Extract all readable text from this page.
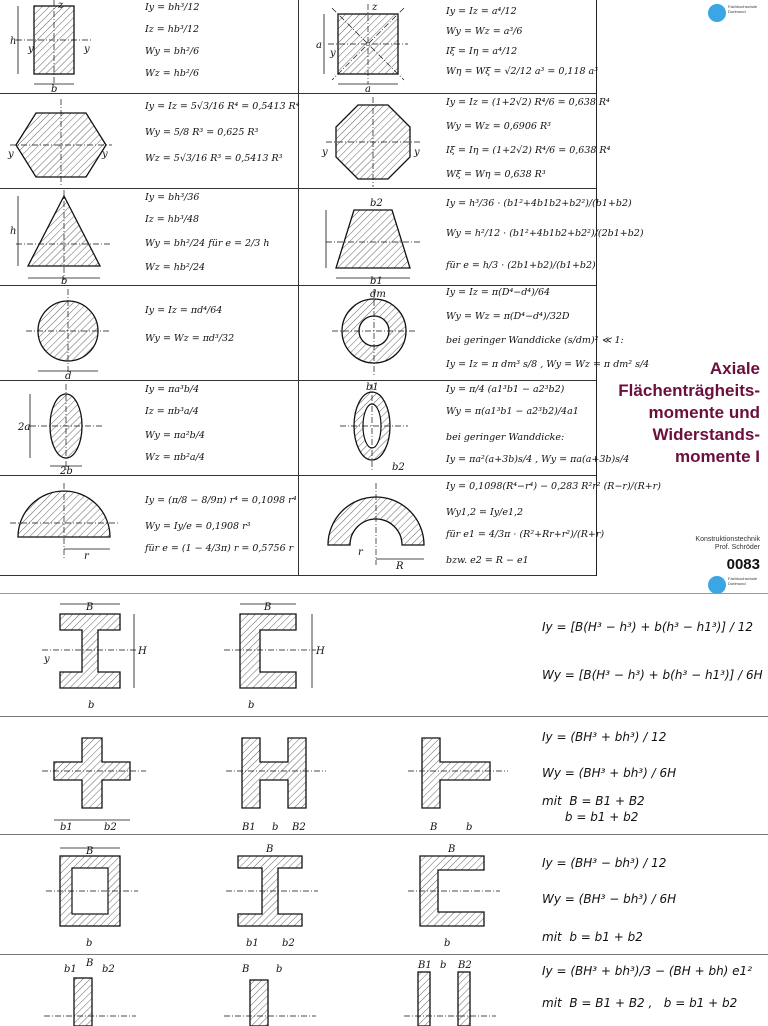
h
b
z
y	y
Iy = bh³/12
Iz = hb³/12
Wy = bh²/6
Wz = hb²/6
a
a
z
y
Iy = Iz = a⁴/12
Wy = Wz = a³/6
Iξ = Iη = a⁴/12
Wη = Wξ = √2/12 a³ = 0,118 a³
y	y
Iy = Iz = 5√3/16 R⁴ = 0,5413 R⁴
Wy = 5/8 R³ = 0,625 R³
Wz = 5√3/16 R³ = 0,5413 R³
y	y
Iy = Iz = (1+2√2) R⁴/6 = 0,638 R⁴
Wy = Wz = 0,6906 R³
Iξ = Iη = (1+2√2) R⁴/6 = 0,638 R⁴
Wξ = Wη = 0,638 R³
h
b
Iy = bh³/36
Iz = hb³/48
Wy = bh²/24 für e = 2/3 h
Wz = hb²/24
b2
b1
Iy = h³/36 · (b1²+4b1b2+b2²)/(b1+b2)
Wy = h²/12 · (b1²+4b1b2+b2²)/(2b1+b2)
für e = h/3 · (2b1+b2)/(b1+b2)
d
Iy = Iz = πd⁴/64
Wy = Wz = πd³/32
dm	Iy = Iz = π(D⁴−d⁴)/64
Wy = Wz = π(D⁴−d⁴)/32D
bei geringer Wanddicke (s/dm)² ≪ 1:
Iy = Iz = π dm³ s/8 , Wy = Wz = π dm² s/4
2a
2b
Iy = πa³b/4
Iz = πb³a/4
Wy = πa²b/4
Wz = πb²a/4
b1
b2
Iy = π/4 (a1³b1 − a2³b2)
Wy = π(a1³b1 − a2³b2)/4a1
bei geringer Wanddicke:
Iy = πa²(a+3b)s/4 , Wy = πa(a+3b)s/4
r
Iy = (π/8 − 8/9π) r⁴ = 0,1098 r⁴
Wy = Iy/e = 0,1908 r³
für e = (1 − 4/3π) r = 0,5756 r
R
r
Iy = 0,1098(R⁴−r⁴) − 0,283 R²r² (R−r)/(R+r)
Wy1,2 = Iy/e1,2
für e1 = 4/3π · (R²+Rr+r²)/(R+r)
bzw. e2 = R − e1
Fachhochschule
Dortmund
Axiale
Flächenträgheits-
momente und
Widerstands-
momente I
Konstruktionstechnik
Prof. Schröder
0083
Fachhochschule
Dortmund
B
b
H
y
B
b
H
Iy = [B(H³ − h³) + b(h³ − h1³)] / 12
Wy = [B(H³ − h³) + b(h³ − h1³)] / 6H
b1	b2	B1 b B2	B	b
Iy = (BH³ + bh³) / 12
Wy = (BH³ + bh³) / 6H
mit  B = B1 + B2
b = b1 + b2
B
b
B
b1 b2
B
b
Iy = (BH³ − bh³) / 12
Wy = (BH³ − bh³) / 6H
mit  b = b1 + b2
b1
B
b2	B	b	B1 b B2	Iy = (BH³ + bh³)/3 − (BH + bh) e1²
mit  B = B1 + B2 ,   b = b1 + b2
